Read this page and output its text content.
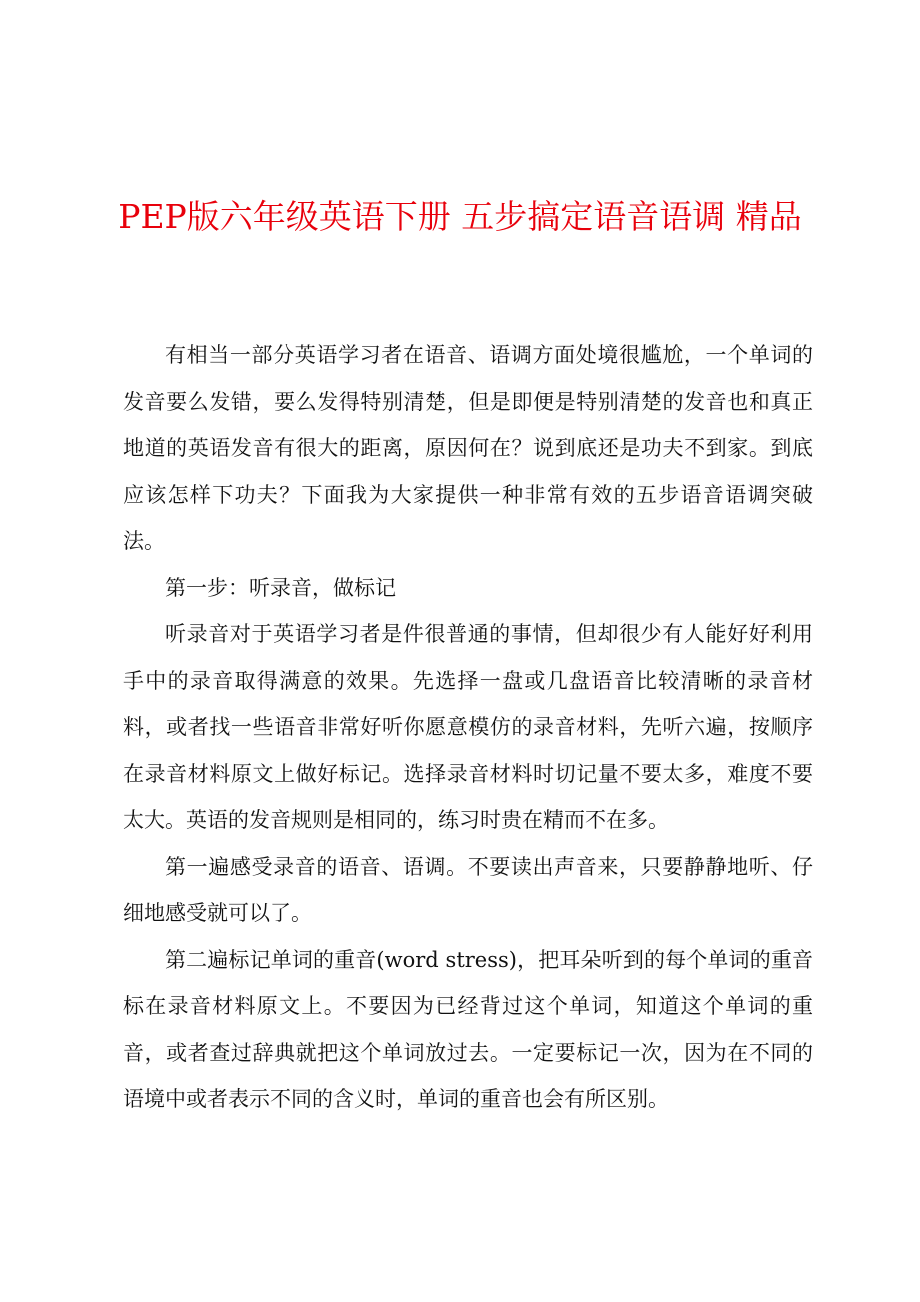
PEP版六年级英语下册 五步搞定语音语调 精品

有相当一部分英语学习者在语音、语调方面处境很尴尬，一个单词的发音要么发错，要么发得特别清楚，但是即便是特别清楚的发音也和真正地道的英语发音有很大的距离，原因何在？说到底还是功夫不到家。到底应该怎样下功夫？下面我为大家提供一种非常有效的五步语音语调突破法。

第一步：听录音，做标记

听录音对于英语学习者是件很普通的事情，但却很少有人能好好利用手中的录音取得满意的效果。先选择一盘或几盘语音比较清晰的录音材料，或者找一些语音非常好听你愿意模仿的录音材料，先听六遍，按顺序在录音材料原文上做好标记。选择录音材料时切记量不要太多，难度不要太大。英语的发音规则是相同的，练习时贵在精而不在多。

第一遍感受录音的语音、语调。不要读出声音来，只要静静地听、仔细地感受就可以了。

第二遍标记单词的重音(word stress)，把耳朵听到的每个单词的重音标在录音材料原文上。不要因为已经背过这个单词，知道这个单词的重音，或者查过辞典就把这个单词放过去。一定要标记一次，因为在不同的语境中或者表示不同的含义时，单词的重音也会有所区别。
